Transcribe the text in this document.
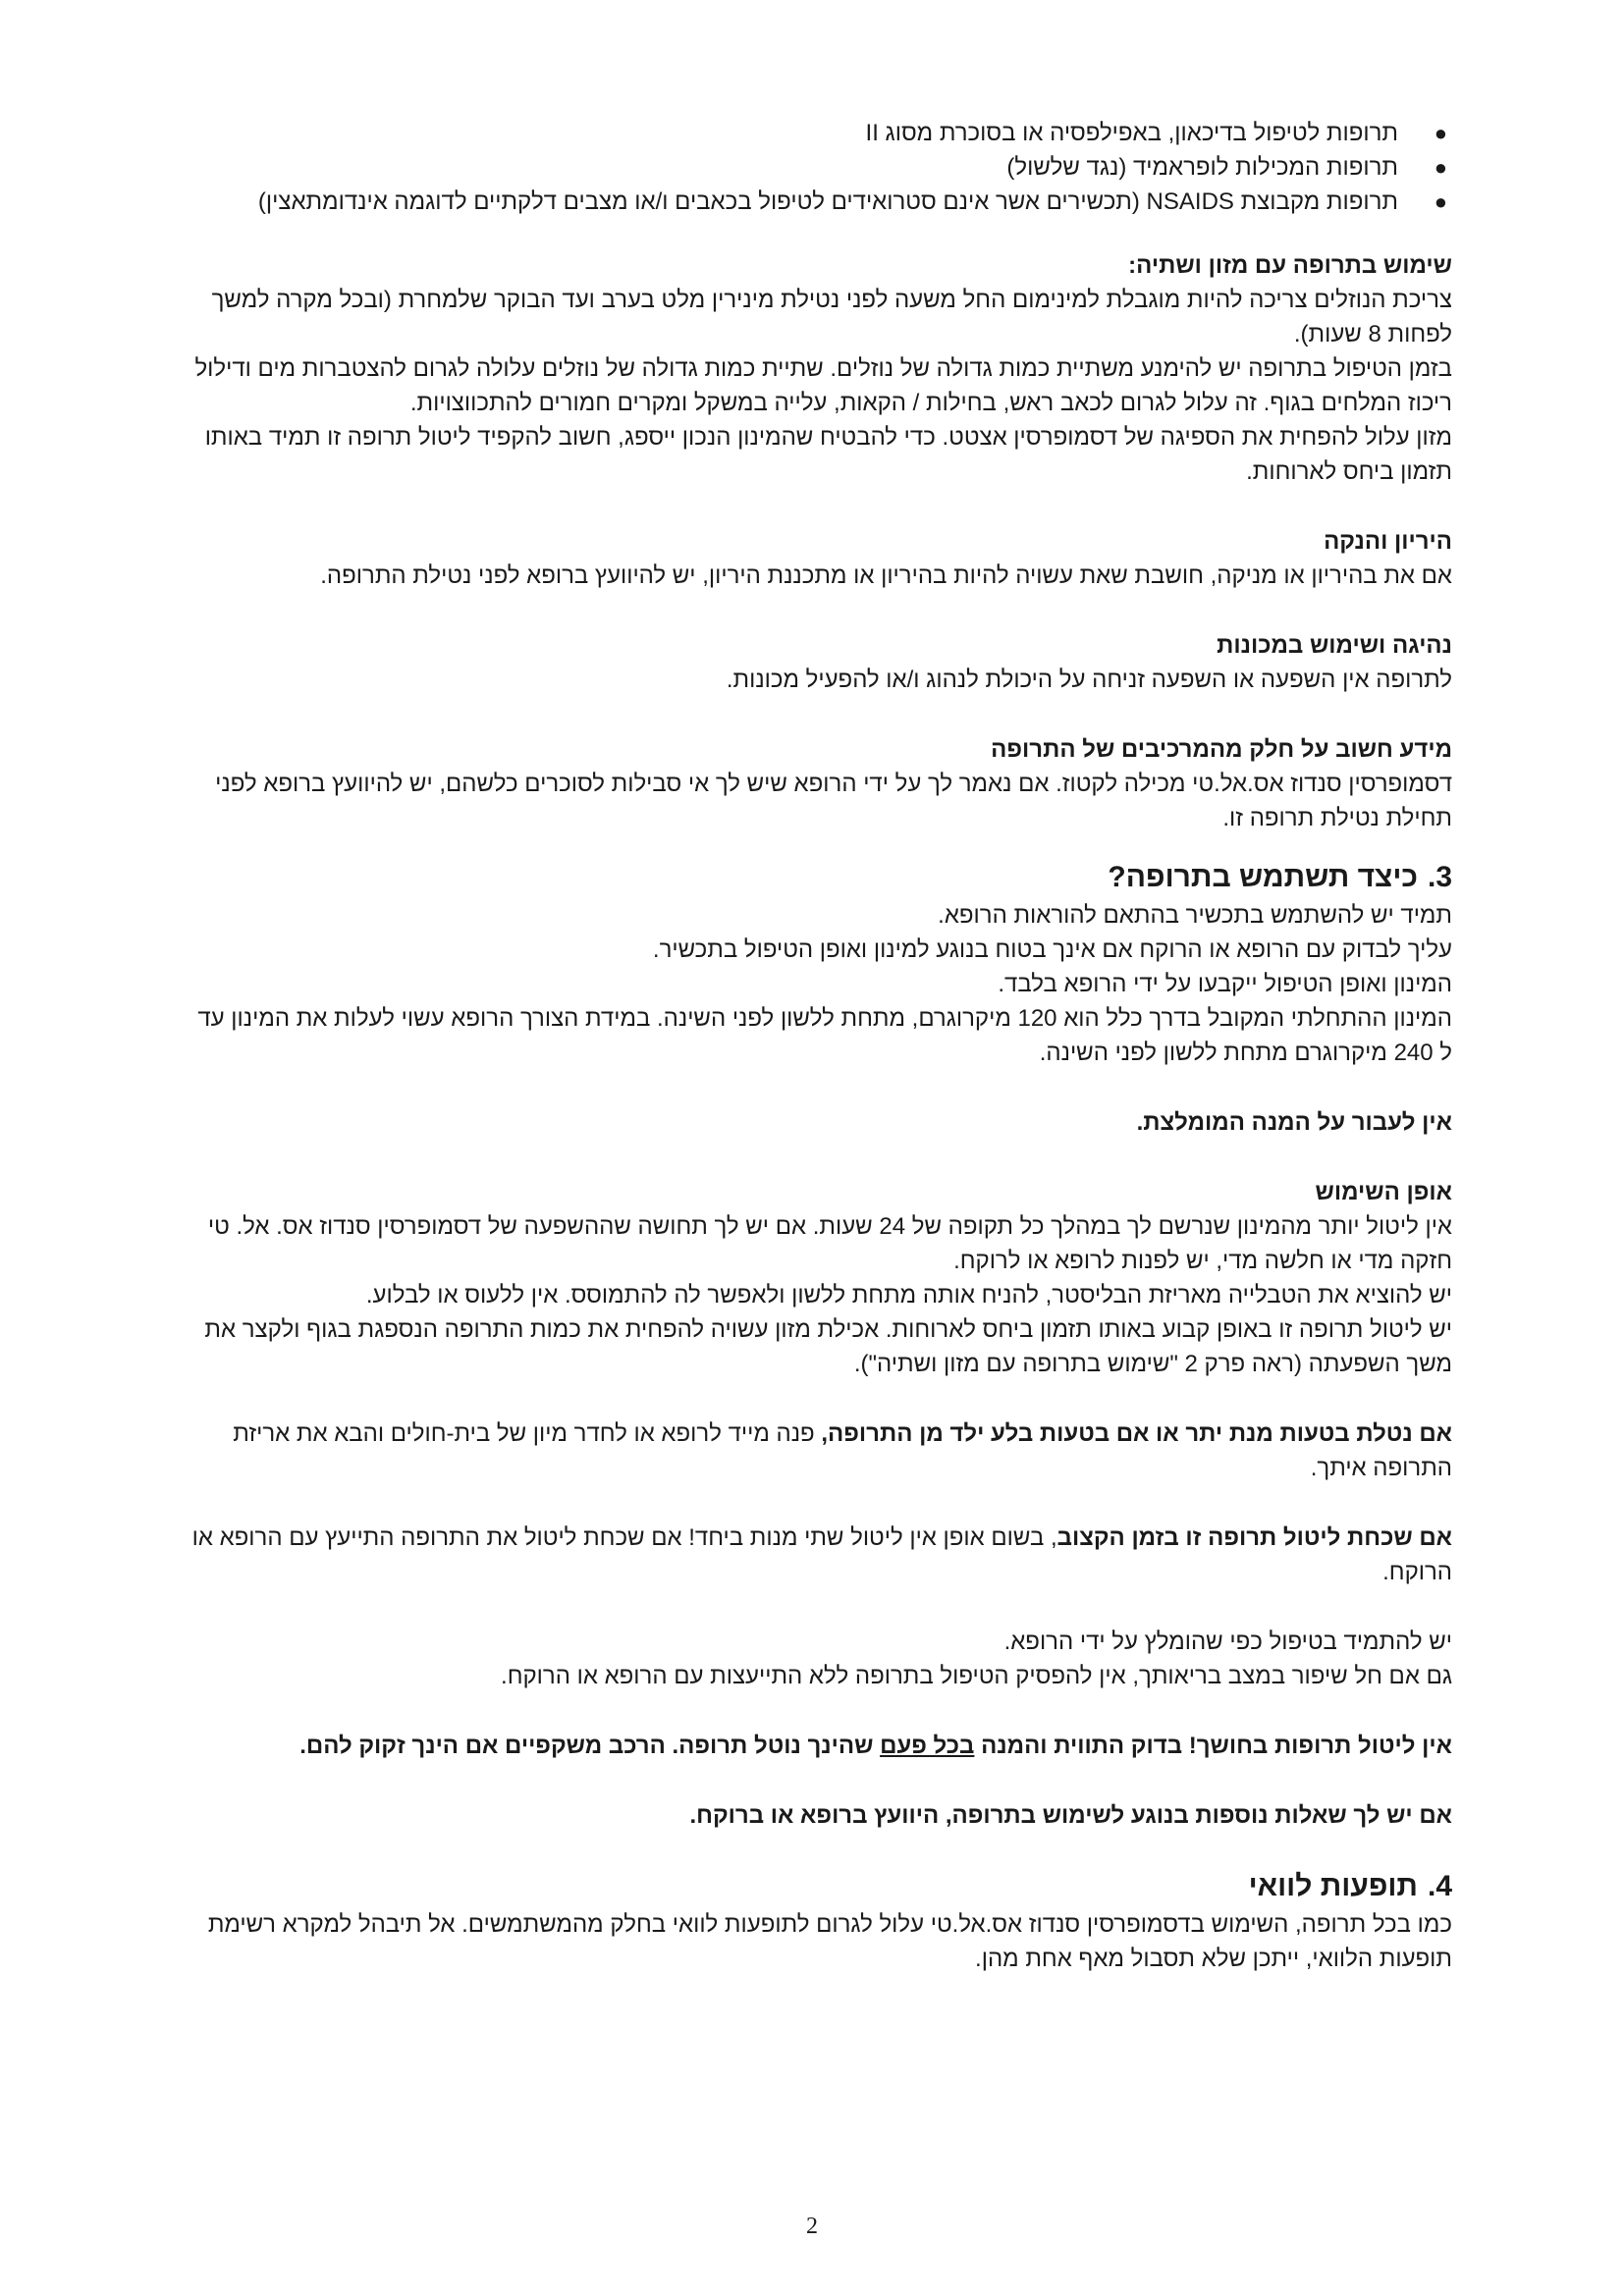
●
תרופות לטיפול בדיכאון, באפילפסיה או בסוכרת מסוג II
●
תרופות המכילות לופראמיד (נגד שלשול)
●
תרופות מקבוצת NSAIDS (תכשירים אשר אינם סטרואידים לטיפול בכאבים ו/או מצבים דלקתיים לדוגמה אינדומתאצין)

שימוש בתרופה עם מזון ושתיה:

צריכת הנוזלים צריכה להיות מוגבלת למינימום החל משעה לפני נטילת מינירין מלט בערב ועד הבוקר שלמחרת (ובכל מקרה למשך לפחות 8 שעות).

בזמן הטיפול בתרופה יש להימנע משתיית כמות גדולה של נוזלים. שתיית כמות גדולה של נוזלים עלולה לגרום להצטברות מים ודילול ריכוז המלחים בגוף. זה עלול לגרום לכאב ראש, בחילות / הקאות, עלייה במשקל ומקרים חמורים להתכווצויות.

מזון עלול להפחית את הספיגה של דסמופרסין אצטט. כדי להבטיח שהמינון הנכון ייספג, חשוב להקפיד ליטול תרופה זו תמיד באותו תזמון ביחס לארוחות.

היריון והנקה

אם את בהיריון או מניקה, חושבת שאת עשויה להיות בהיריון או מתכננת היריון, יש להיוועץ ברופא לפני נטילת התרופה.

נהיגה ושימוש במכונות

לתרופה אין השפעה או השפעה זניחה על היכולת לנהוג ו/או להפעיל מכונות.

מידע חשוב על חלק מהמרכיבים של התרופה

דסמופרסין סנדוז אס.אל.טי מכילה לקטוז. אם נאמר לך על ידי הרופא שיש לך אי סבילות לסוכרים כלשהם, יש להיוועץ ברופא לפני תחילת נטילת תרופה זו.

3.כיצד תשתמש בתרופה?

תמיד יש להשתמש בתכשיר בהתאם להוראות הרופא.

עליך לבדוק עם הרופא או הרוקח אם אינך בטוח בנוגע למינון ואופן הטיפול בתכשיר.

המינון ואופן הטיפול ייקבעו על ידי הרופא בלבד.

המינון ההתחלתי המקובל בדרך כלל הוא 120 מיקרוגרם, מתחת ללשון לפני השינה. במידת הצורך הרופא עשוי לעלות את המינון עד ל 240 מיקרוגרם מתחת ללשון לפני השינה.

אין לעבור על המנה המומלצת.

אופן השימוש

אין ליטול יותר מהמינון שנרשם לך במהלך כל תקופה של 24 שעות. אם יש לך תחושה שההשפעה של דסמופרסין סנדוז אס. אל. טי חזקה מדי או חלשה מדי, יש לפנות לרופא או לרוקח.

יש להוציא את הטבלייה מאריזת הבליסטר, להניח אותה מתחת ללשון ולאפשר לה להתמוסס. אין ללעוס או לבלוע.

יש ליטול תרופה זו באופן קבוע באותו תזמון ביחס לארוחות. אכילת מזון עשויה להפחית את כמות התרופה הנספגת בגוף ולקצר את משך השפעתה (ראה פרק 2 "שימוש בתרופה עם מזון ושתיה").

אם נטלת בטעות מנת יתר או אם בטעות בלע ילד מן התרופה, פנה מייד לרופא או לחדר מיון של בית-חולים והבא את אריזת התרופה איתך.

אם שכחת ליטול תרופה זו בזמן הקצוב, בשום אופן אין ליטול שתי מנות ביחד! אם שכחת ליטול את התרופה התייעץ עם הרופא או הרוקח.

יש להתמיד בטיפול כפי שהומלץ על ידי הרופא.

גם אם חל שיפור במצב בריאותך, אין להפסיק הטיפול בתרופה ללא התייעצות עם הרופא או הרוקח.

אין ליטול תרופות בחושך! בדוק התווית והמנה בכל פעם שהינך נוטל תרופה. הרכב משקפיים אם הינך זקוק להם.

אם יש לך שאלות נוספות בנוגע לשימוש בתרופה, היוועץ ברופא או ברוקח.

4.תופעות לוואי

כמו בכל תרופה, השימוש בדסמופרסין סנדוז אס.אל.טי עלול לגרום לתופעות לוואי בחלק מהמשתמשים. אל תיבהל למקרא רשימת תופעות הלוואי, ייתכן שלא תסבול מאף אחת מהן.

2
